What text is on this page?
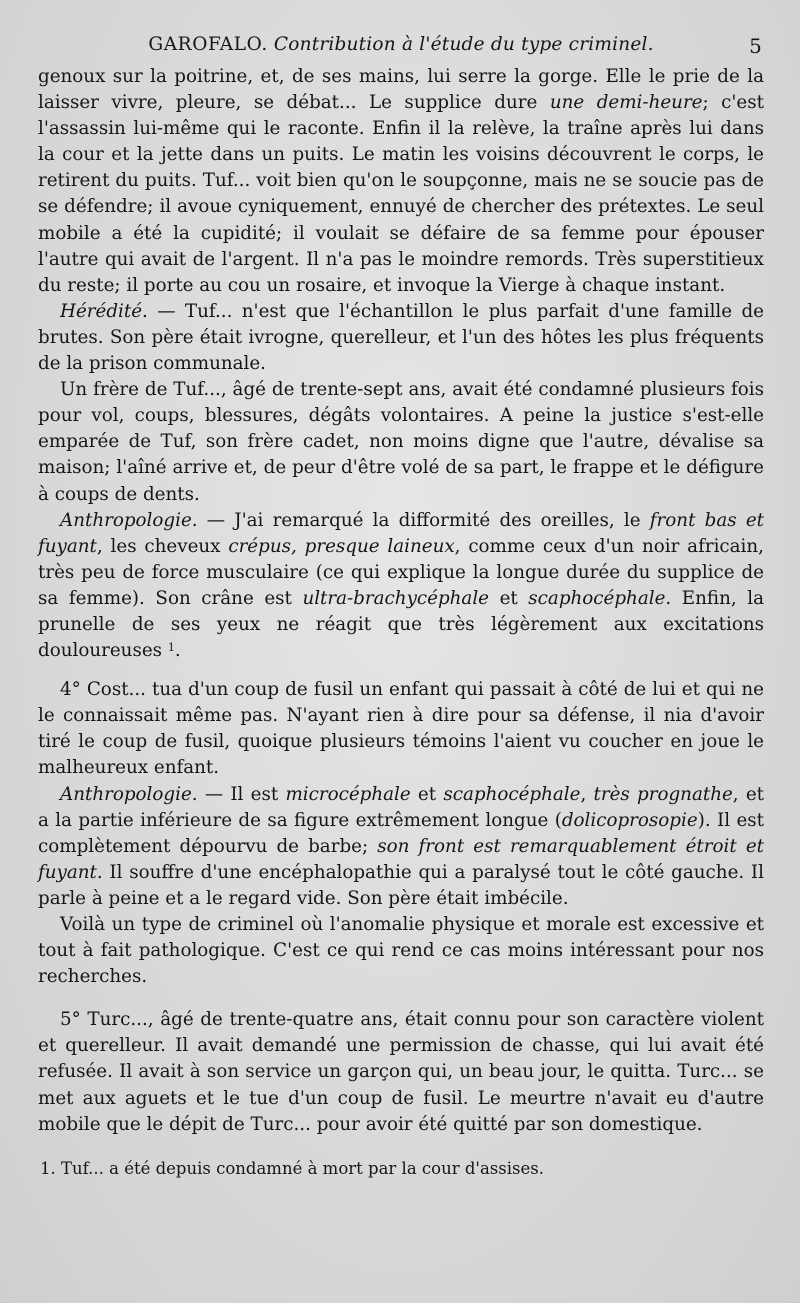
GAROFALO. Contribution à l'étude du type criminel.	5

genoux sur la poitrine, et, de ses mains, lui serre la gorge. Elle le prie de la laisser vivre, pleure, se débat... Le supplice dure une demi-heure; c'est l'assassin lui-même qui le raconte. Enfin il la relève, la traîne après lui dans la cour et la jette dans un puits. Le matin les voisins découvrent le corps, le retirent du puits. Tuf... voit bien qu'on le soupçonne, mais ne se soucie pas de se défendre; il avoue cyniquement, ennuyé de chercher des prétextes. Le seul mobile a été la cupidité; il voulait se défaire de sa femme pour épouser l'autre qui avait de l'argent. Il n'a pas le moindre remords. Très superstitieux du reste; il porte au cou un rosaire, et invoque la Vierge à chaque instant.

Hérédité. — Tuf... n'est que l'échantillon le plus parfait d'une famille de brutes. Son père était ivrogne, querelleur, et l'un des hôtes les plus fréquents de la prison communale.

Un frère de Tuf..., âgé de trente-sept ans, avait été condamné plusieurs fois pour vol, coups, blessures, dégâts volontaires. A peine la justice s'est-elle emparée de Tuf, son frère cadet, non moins digne que l'autre, dévalise sa maison; l'aîné arrive et, de peur d'être volé de sa part, le frappe et le défigure à coups de dents.

Anthropologie. — J'ai remarqué la difformité des oreilles, le front bas et fuyant, les cheveux crépus, presque laineux, comme ceux d'un noir africain, très peu de force musculaire (ce qui explique la longue durée du supplice de sa femme). Son crâne est ultra-brachycéphale et scaphocéphale. Enfin, la prunelle de ses yeux ne réagit que très légèrement aux excitations douloureuses $^1$.

4° Cost... tua d'un coup de fusil un enfant qui passait à côté de lui et qui ne le connaissait même pas. N'ayant rien à dire pour sa défense, il nia d'avoir tiré le coup de fusil, quoique plusieurs témoins l'aient vu coucher en joue le malheureux enfant.

Anthropologie. — Il est microcéphale et scaphocéphale, très prognathe, et a la partie inférieure de sa figure extrêmement longue (dolicoprosopie). Il est complètement dépourvu de barbe; son front est remarquablement étroit et fuyant. Il souffre d'une encéphalopathie qui a paralysé tout le côté gauche. Il parle à peine et a le regard vide. Son père était imbécile.

Voilà un type de criminel où l'anomalie physique et morale est excessive et tout à fait pathologique. C'est ce qui rend ce cas moins intéressant pour nos recherches.

5° Turc..., âgé de trente-quatre ans, était connu pour son caractère violent et querelleur. Il avait demandé une permission de chasse, qui lui avait été refusée. Il avait à son service un garçon qui, un beau jour, le quitta. Turc... se met aux aguets et le tue d'un coup de fusil. Le meurtre n'avait eu d'autre mobile que le dépit de Turc... pour avoir été quitté par son domestique.

1. Tuf... a été depuis condamné à mort par la cour d'assises.
